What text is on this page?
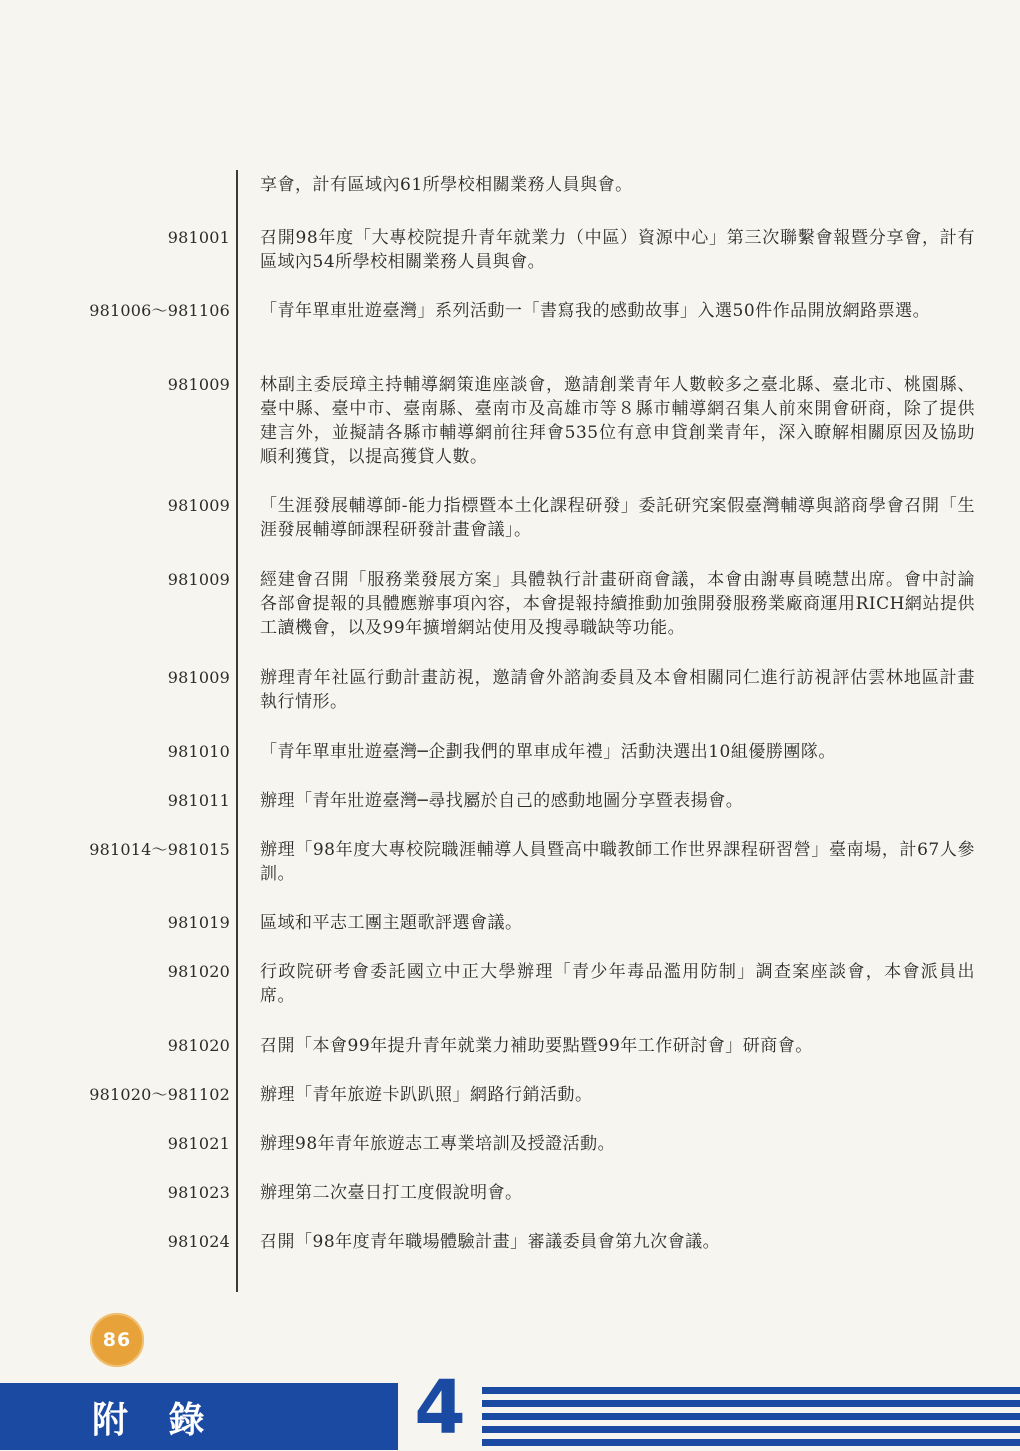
享會，計有區域內61所學校相關業務人員與會。
981001 召開98年度「大專校院提升青年就業力（中區）資源中心」第三次聯繫會報暨分享會，計有區域內54所學校相關業務人員與會。
981006～981106 「青年單車壯遊臺灣」系列活動一「書寫我的感動故事」入選50件作品開放網路票選。
981009 林副主委辰璋主持輔導網策進座談會，邀請創業青年人數較多之臺北縣、臺北市、桃園縣、臺中縣、臺中市、臺南縣、臺南市及高雄市等８縣市輔導網召集人前來開會研商，除了提供建言外，並擬請各縣市輔導網前往拜會535位有意申貸創業青年，深入瞭解相關原因及協助順利獲貸，以提高獲貸人數。
981009 「生涯發展輔導師-能力指標暨本土化課程研發」委託研究案假臺灣輔導與諮商學會召開「生涯發展輔導師課程研發計畫會議」。
981009 經建會召開「服務業發展方案」具體執行計畫研商會議，本會由謝專員曉慧出席。會中討論各部會提報的具體應辦事項內容，本會提報持續推動加強開發服務業廠商運用RICH網站提供工讀機會，以及99年擴增網站使用及搜尋職缺等功能。
981009 辦理青年社區行動計畫訪視，邀請會外諮詢委員及本會相關同仁進行訪視評估雲林地區計畫執行情形。
981010 「青年單車壯遊臺灣─企劃我們的單車成年禮」活動決選出10組優勝團隊。
981011 辦理「青年壯遊臺灣─尋找屬於自己的感動地圖分享暨表揚會。
981014～981015 辦理「98年度大專校院職涯輔導人員暨高中職教師工作世界課程研習營」臺南場，計67人參訓。
981019 區域和平志工團主題歌評選會議。
981020 行政院研考會委託國立中正大學辦理「青少年毒品濫用防制」調查案座談會，本會派員出席。
981020 召開「本會99年提升青年就業力補助要點暨99年工作研討會」研商會。
981020～981102 辦理「青年旅遊卡趴趴照」網路行銷活動。
981021 辦理98年青年旅遊志工專業培訓及授證活動。
981023 辦理第二次臺日打工度假說明會。
981024 召開「98年度青年職場體驗計畫」審議委員會第九次會議。
86
附 錄	4
